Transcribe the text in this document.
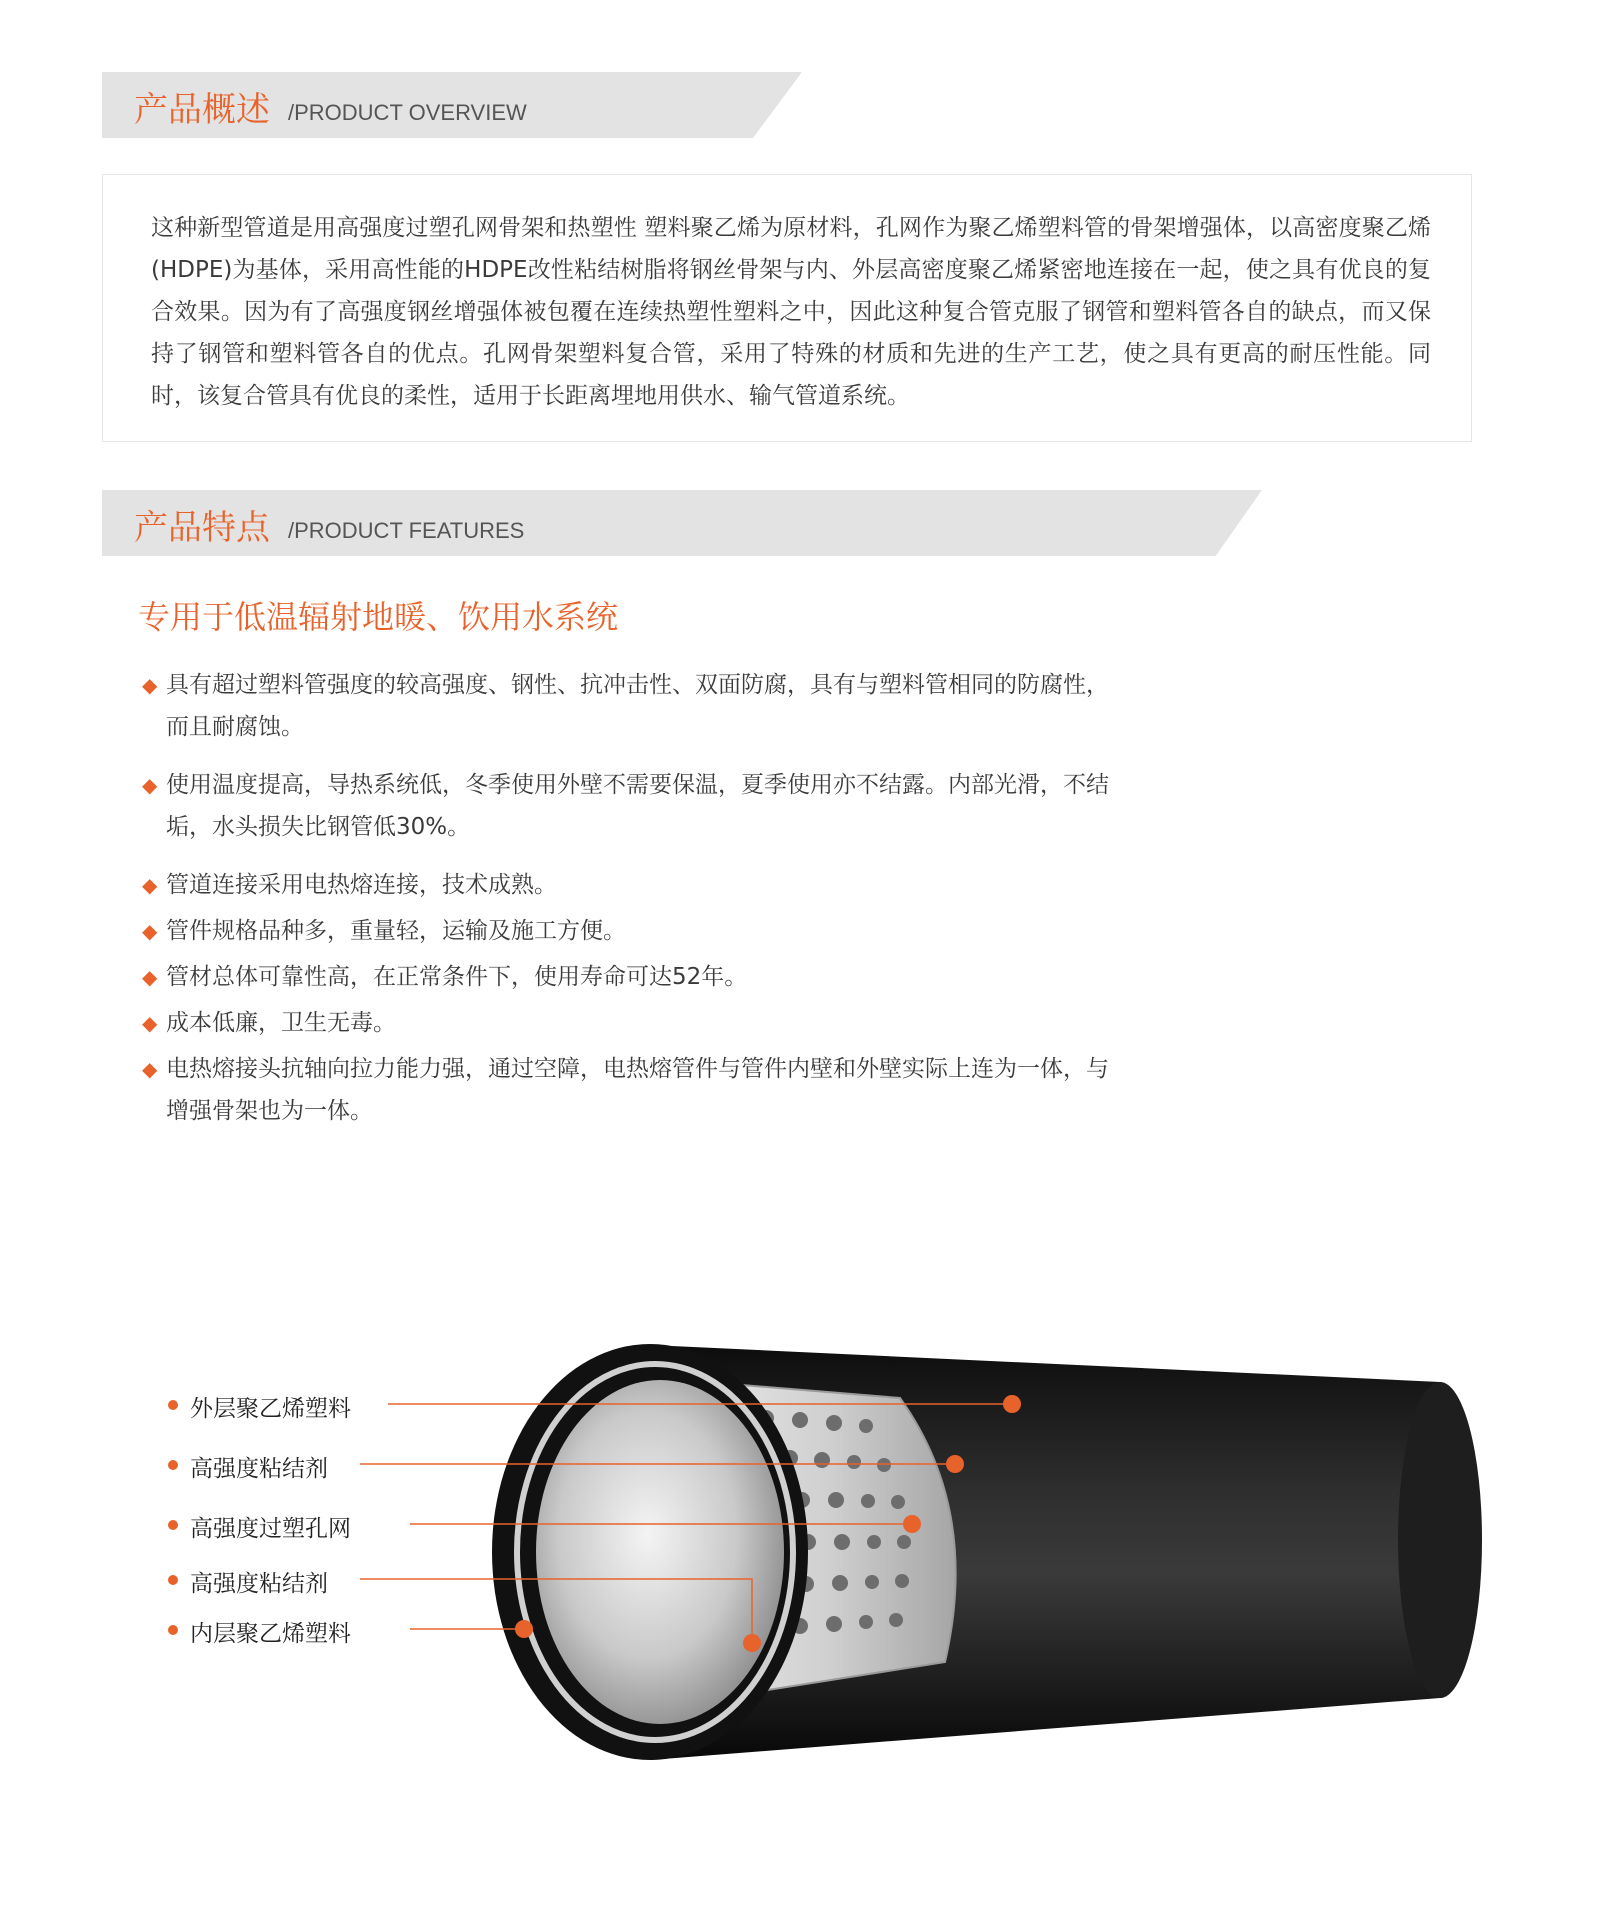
产品概述 /PRODUCT OVERVIEW

这种新型管道是用高强度过塑孔网骨架和热塑性 塑料聚乙烯为原材料，孔网作为聚乙烯塑料管的骨架增强体，以高密度聚乙烯(HDPE)为基体，采用高性能的HDPE改性粘结树脂将钢丝骨架与内、外层高密度聚乙烯紧密地连接在一起，使之具有优良的复合效果。因为有了高强度钢丝增强体被包覆在连续热塑性塑料之中，因此这种复合管克服了钢管和塑料管各自的缺点，而又保持了钢管和塑料管各自的优点。孔网骨架塑料复合管，采用了特殊的材质和先进的生产工艺，使之具有更高的耐压性能。同时，该复合管具有优良的柔性，适用于长距离埋地用供水、输气管道系统。

产品特点 /PRODUCT FEATURES
专用于低温辐射地暖、饮用水系统
◆ 具有超过塑料管强度的较高强度、钢性、抗冲击性、双面防腐，具有与塑料管相同的防腐性，而且耐腐蚀。
◆ 使用温度提高，导热系统低，冬季使用外壁不需要保温，夏季使用亦不结露。内部光滑，不结垢，水头损失比钢管低30%。
◆ 管道连接采用电热熔连接，技术成熟。
◆ 管件规格品种多，重量轻，运输及施工方便。
◆ 管材总体可靠性高，在正常条件下，使用寿命可达52年。
◆ 成本低廉，卫生无毒。
◆ 电热熔接头抗轴向拉力能力强，通过空障，电热熔管件与管件内壁和外壁实际上连为一体，与增强骨架也为一体。
外层聚乙烯塑料
高强度粘结剂
高强度过塑孔网
高强度粘结剂
内层聚乙烯塑料
